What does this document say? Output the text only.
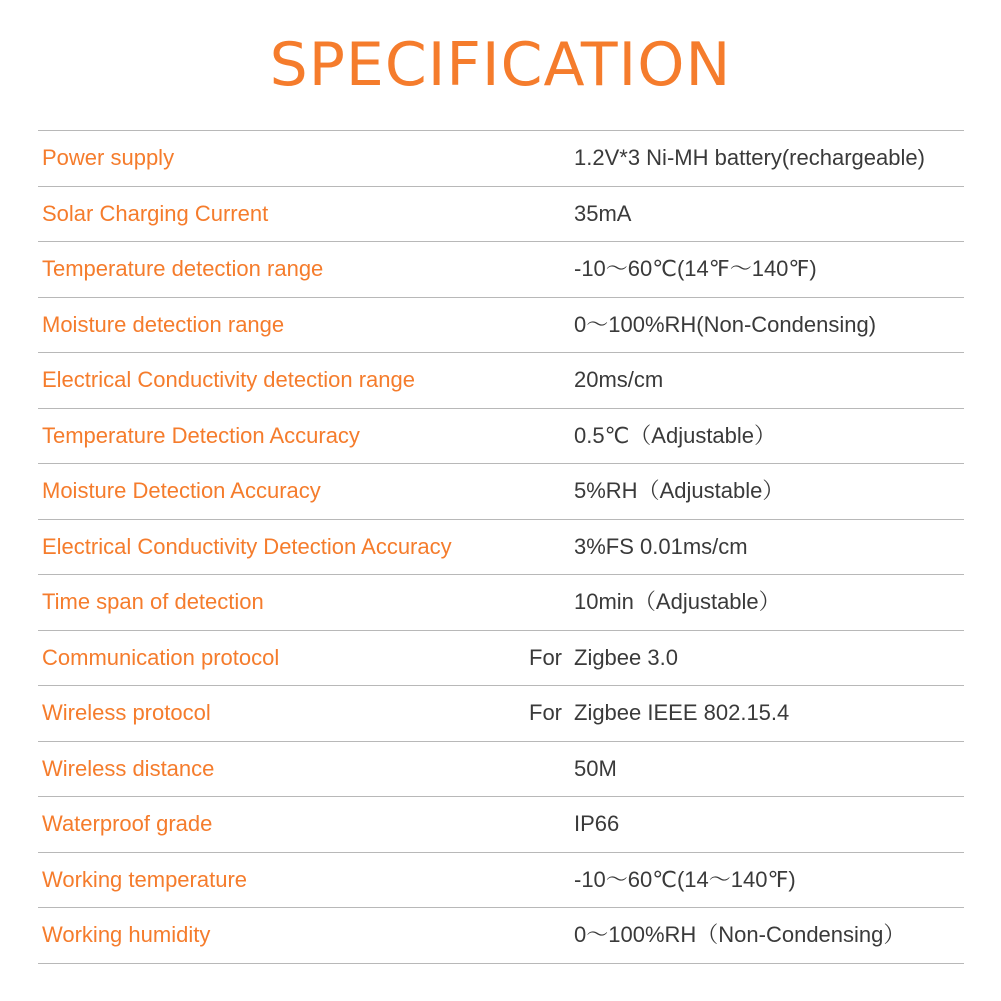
SPECIFICATION
Power supply	1.2V*3 Ni-MH battery(rechargeable)
Solar Charging Current	35mA
Temperature detection range	-10～60℃(14℉～140℉)
Moisture detection range	0～100%RH(Non-Condensing)
Electrical Conductivity detection range	20ms/cm
Temperature Detection Accuracy	0.5℃（Adjustable）
Moisture Detection Accuracy	5%RH（Adjustable）
Electrical Conductivity Detection Accuracy	3%FS 0.01ms/cm
Time span of detection	10min（Adjustable）
Communication protocol	For Zigbee 3.0
Wireless protocol	For Zigbee IEEE 802.15.4
Wireless distance	50M
Waterproof grade	IP66
Working temperature	-10～60℃(14～140℉)
Working humidity	0～100%RH（Non-Condensing）
